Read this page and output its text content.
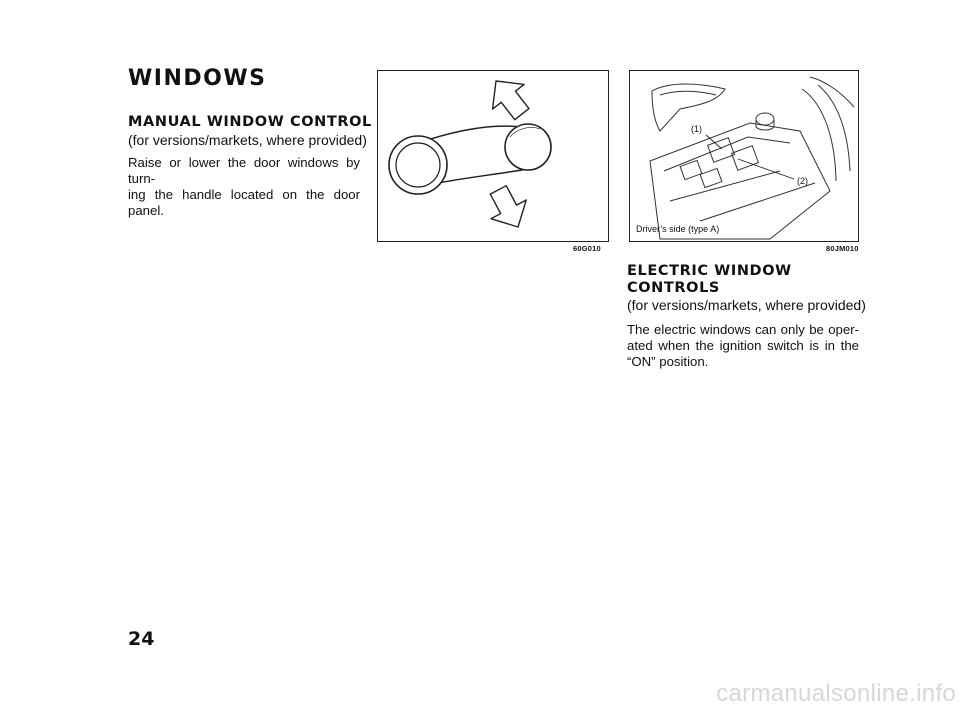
WINDOWS
MANUAL WINDOW CONTROL
(for versions/markets, where provided)
Raise or lower the door windows by turn-
ing the handle located on the door panel.
60G010
(1)
(2)
Driver’s side (type A)
80JM010
ELECTRIC WINDOW
CONTROLS
(for versions/markets, where provided)
The electric windows can only be oper-
ated when the ignition switch is in the
“ON” position.
24
carmanualsonline.info
